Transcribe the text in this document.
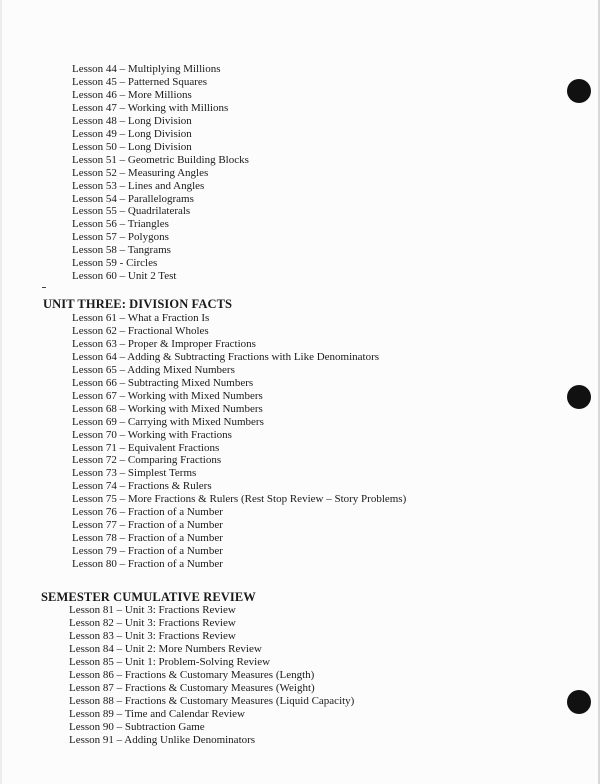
Lesson 44 – Multiplying Millions
Lesson 45 – Patterned Squares
Lesson 46 – More Millions
Lesson 47 – Working with Millions
Lesson 48 – Long Division
Lesson 49 – Long Division
Lesson 50 – Long Division
Lesson 51 – Geometric Building Blocks
Lesson 52 – Measuring Angles
Lesson 53 – Lines and Angles
Lesson 54 – Parallelograms
Lesson 55 – Quadrilaterals
Lesson 56 – Triangles
Lesson 57 – Polygons
Lesson 58 – Tangrams
Lesson 59 - Circles
Lesson 60 – Unit 2 Test
UNIT THREE: DIVISION FACTS
Lesson 61 – What a Fraction Is
Lesson 62 – Fractional Wholes
Lesson 63 – Proper & Improper Fractions
Lesson 64 – Adding & Subtracting Fractions with Like Denominators
Lesson 65 – Adding Mixed Numbers
Lesson 66 – Subtracting Mixed Numbers
Lesson 67 – Working with Mixed Numbers
Lesson 68 – Working with Mixed Numbers
Lesson 69 – Carrying with Mixed Numbers
Lesson 70 – Working with Fractions
Lesson 71 – Equivalent Fractions
Lesson 72 – Comparing Fractions
Lesson 73 – Simplest Terms
Lesson 74 – Fractions & Rulers
Lesson 75 – More Fractions & Rulers (Rest Stop Review – Story Problems)
Lesson 76 – Fraction of a Number
Lesson 77 – Fraction of a Number
Lesson 78 – Fraction of a Number
Lesson 79 – Fraction of a Number
Lesson 80 – Fraction of a Number
SEMESTER CUMULATIVE REVIEW
Lesson 81 – Unit 3: Fractions Review
Lesson 82 – Unit 3: Fractions Review
Lesson 83 – Unit 3: Fractions Review
Lesson 84 – Unit 2: More Numbers Review
Lesson 85 – Unit 1: Problem-Solving Review
Lesson 86 – Fractions & Customary Measures (Length)
Lesson 87 – Fractions & Customary Measures (Weight)
Lesson 88 – Fractions & Customary Measures (Liquid Capacity)
Lesson 89 – Time and Calendar Review
Lesson 90 – Subtraction Game
Lesson 91 – Adding Unlike Denominators
